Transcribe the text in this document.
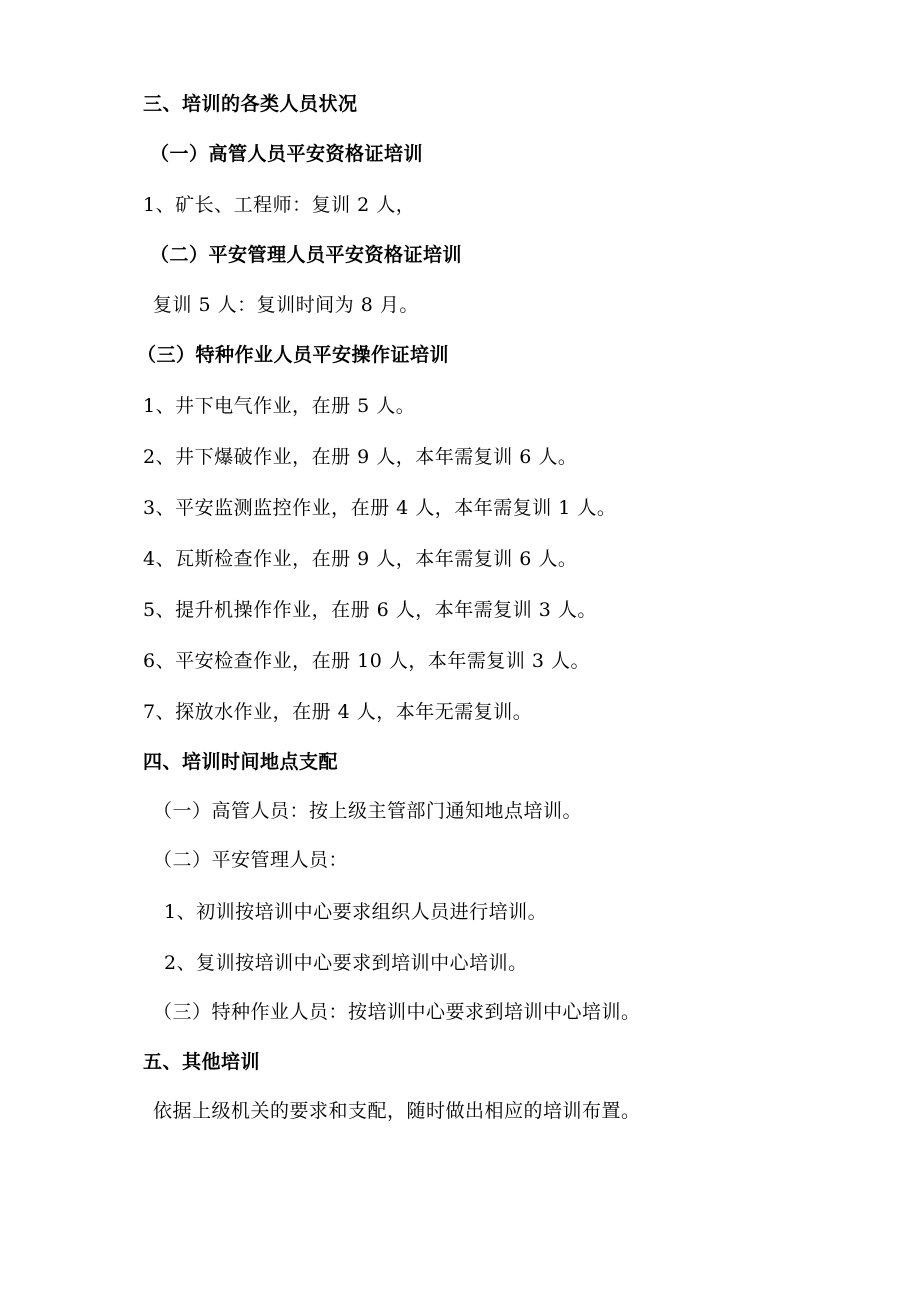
三、培训的各类人员状况
（一）高管人员平安资格证培训
1、矿长、工程师：复训 2 人，
（二）平安管理人员平安资格证培训
复训 5 人：复训时间为 8 月。
（三）特种作业人员平安操作证培训
1、井下电气作业，在册 5 人。
2、井下爆破作业，在册 9 人，本年需复训 6 人。
3、平安监测监控作业，在册 4 人，本年需复训 1 人。
4、瓦斯检查作业，在册 9 人，本年需复训 6 人。
5、提升机操作作业，在册 6 人，本年需复训 3 人。
6、平安检查作业，在册 10 人，本年需复训 3 人。
7、探放水作业，在册 4 人，本年无需复训。
四、培训时间地点支配
（一）高管人员：按上级主管部门通知地点培训。
（二）平安管理人员：
1、初训按培训中心要求组织人员进行培训。
2、复训按培训中心要求到培训中心培训。
（三）特种作业人员：按培训中心要求到培训中心培训。
五、其他培训
依据上级机关的要求和支配，随时做出相应的培训布置。
